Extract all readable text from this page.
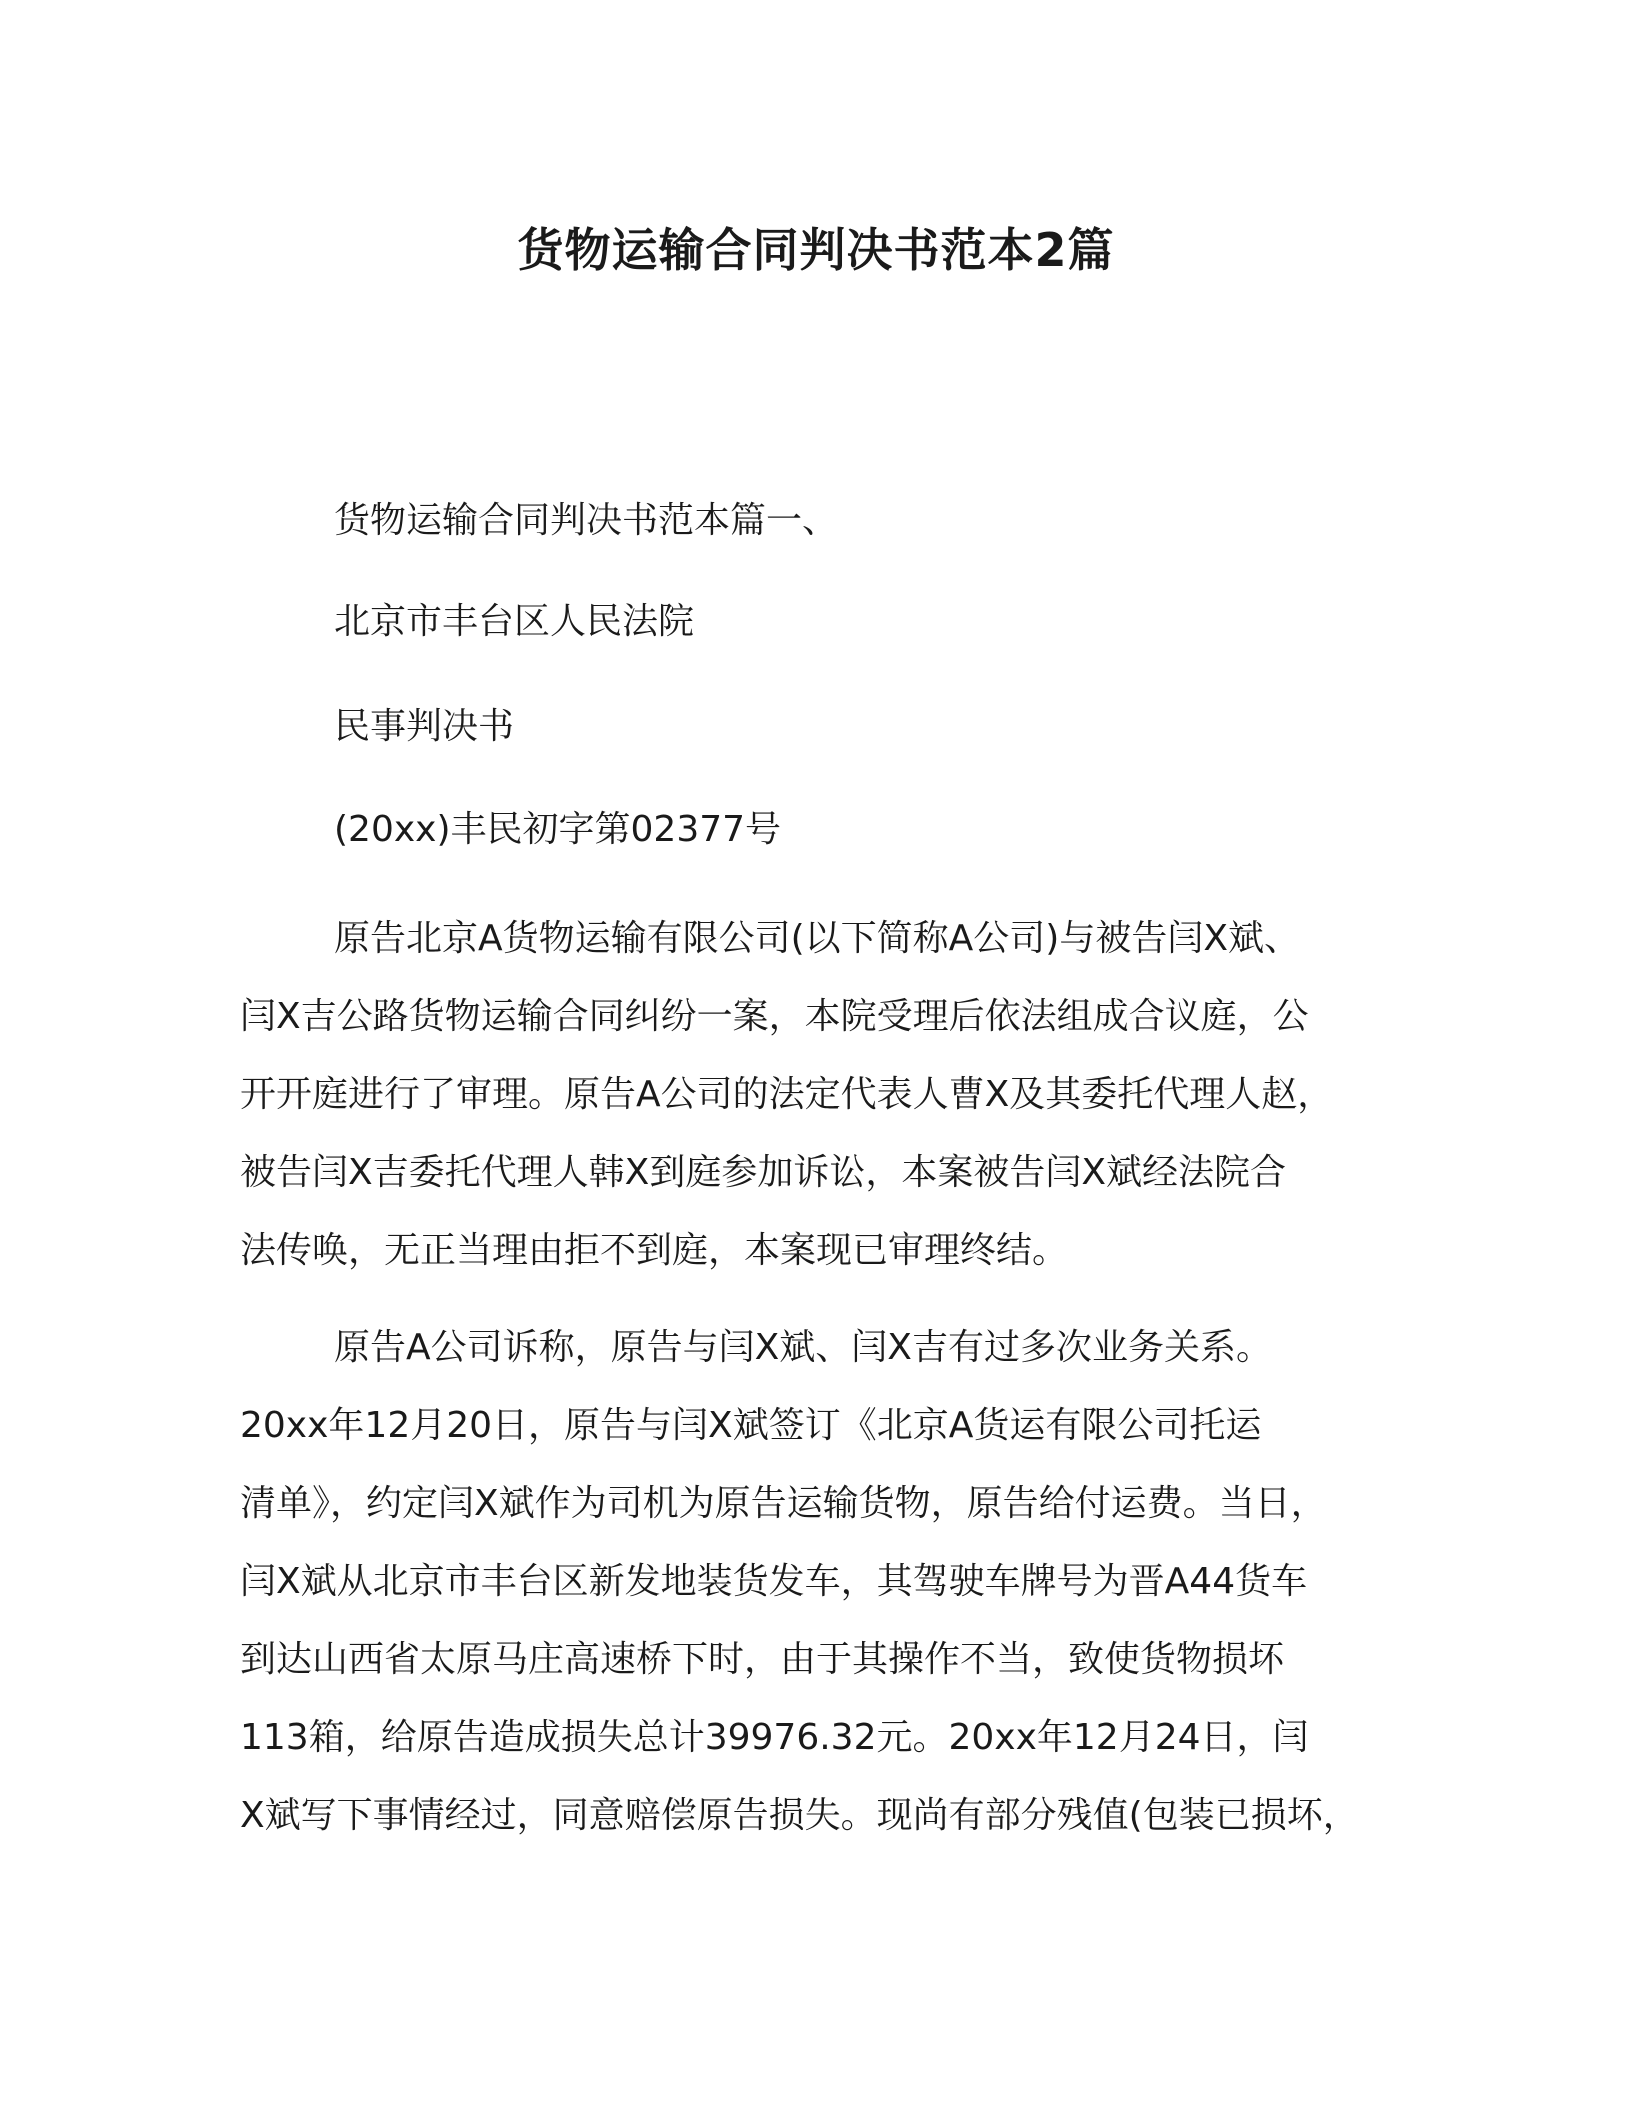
货物运输合同判决书范本2篇
货物运输合同判决书范本篇一、
北京市丰台区人民法院
民事判决书
(20xx)丰民初字第02377号
原告北京A货物运输有限公司(以下简称A公司)与被告闫X斌、
闫X吉公路货物运输合同纠纷一案，本院受理后依法组成合议庭，公
开开庭进行了审理。原告A公司的法定代表人曹X及其委托代理人赵，
被告闫X吉委托代理人韩X到庭参加诉讼，本案被告闫X斌经法院合
法传唤，无正当理由拒不到庭，本案现已审理终结。
原告A公司诉称，原告与闫X斌、闫X吉有过多次业务关系。
20xx年12月20日，原告与闫X斌签订《北京A货运有限公司托运
清单》，约定闫X斌作为司机为原告运输货物，原告给付运费。当日，
闫X斌从北京市丰台区新发地装货发车，其驾驶车牌号为晋A44货车
到达山西省太原马庄高速桥下时，由于其操作不当，致使货物损坏
113箱，给原告造成损失总计39976.32元。20xx年12月24日，闫
X斌写下事情经过，同意赔偿原告损失。现尚有部分残值(包装已损坏，
